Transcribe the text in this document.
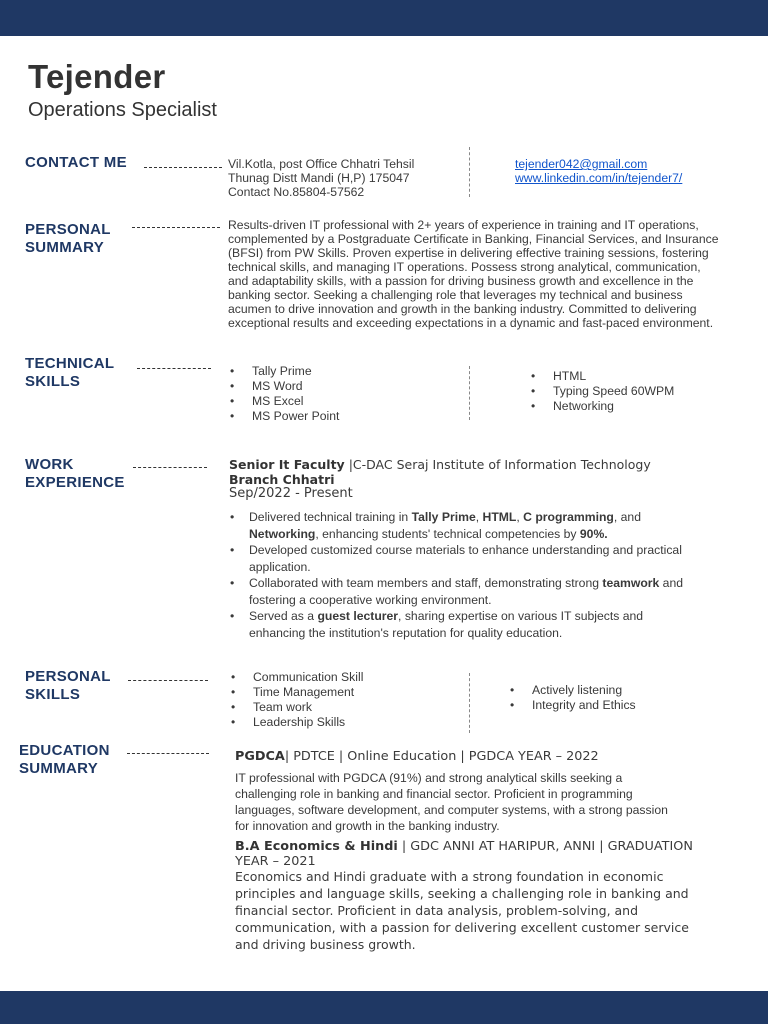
Tejender
Operations Specialist
CONTACT ME	Vil.Kotla, post Office Chhatri Tehsil
Thunag Distt Mandi (H,P) 175047
Contact No.85804-57562
tejender042@gmail.com
www.linkedin.com/in/tejender7/
PERSONAL
SUMMARY
Results-driven IT professional with 2+ years of experience in training and IT operations,
complemented by a Postgraduate Certificate in Banking, Financial Services, and Insurance
(BFSI) from PW Skills. Proven expertise in delivering effective training sessions, fostering
technical skills, and managing IT operations. Possess strong analytical, communication,
and adaptability skills, with a passion for driving business growth and excellence in the
banking sector. Seeking a challenging role that leverages my technical and business
acumen to drive innovation and growth in the banking industry. Committed to delivering
exceptional results and exceeding expectations in a dynamic and fast-paced environment.
TECHNICAL
SKILLS
• Tally Prime
• MS Word
• MS Excel
• MS Power Point
• HTML
• Typing Speed 60WPM
• Networking
WORK
EXPERIENCE
Senior It Faculty |C-DAC Seraj Institute of Information Technology
Branch Chhatri
Sep/2022 - Present
• Delivered technical training in Tally Prime, HTML, C programming, and
Networking, enhancing students' technical competencies by 90%.
• Developed customized course materials to enhance understanding and practical
application.
• Collaborated with team members and staff, demonstrating strong teamwork and
fostering a cooperative working environment.
• Served as a guest lecturer, sharing expertise on various IT subjects and
enhancing the institution's reputation for quality education.
PERSONAL
SKILLS
• Communication Skill
• Time Management
• Team work
• Leadership Skills
• Actively listening
• Integrity and Ethics
EDUCATION
SUMMARY
PGDCA| PDTCE | Online Education | PGDCA YEAR – 2022
IT professional with PGDCA (91%) and strong analytical skills seeking a
challenging role in banking and financial sector. Proficient in programming
languages, software development, and computer systems, with a strong passion
for innovation and growth in the banking industry.
B.A Economics & Hindi | GDC ANNI AT HARIPUR, ANNI | GRADUATION
YEAR – 2021
Economics and Hindi graduate with a strong foundation in economic
principles and language skills, seeking a challenging role in banking and
financial sector. Proficient in data analysis, problem-solving, and
communication, with a passion for delivering excellent customer service
and driving business growth.
